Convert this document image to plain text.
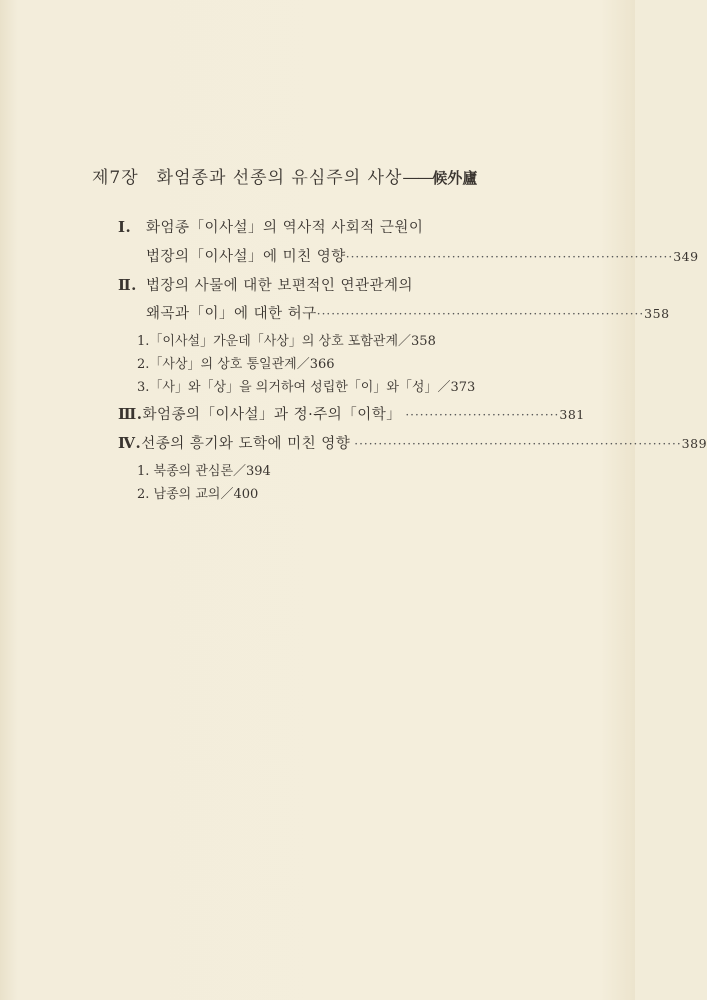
제7장 화엄종과 선종의 유심주의 사상——候外廬
Ⅰ. 화엄종「이사설」의 역사적 사회적 근원이
법장의「이사설」에 미친 영향 ···································································· 349
Ⅱ. 법장의 사물에 대한 보편적인 연관관계의
왜곡과「이」에 대한 허구 ···································································· 358
1.「이사설」가운데「사상」의 상호 포함관계／358
2.「사상」의 상호 통일관계／366
3.「사」와「상」을 의거하여 성립한「이」와「성」／373
Ⅲ. 화엄종의「이사설」과 정·주의「이학」 ································ 381
Ⅳ. 선종의 흥기와 도학에 미친 영향 ···································································· 389
1. 북종의 관심론／394
2. 남종의 교의／400
